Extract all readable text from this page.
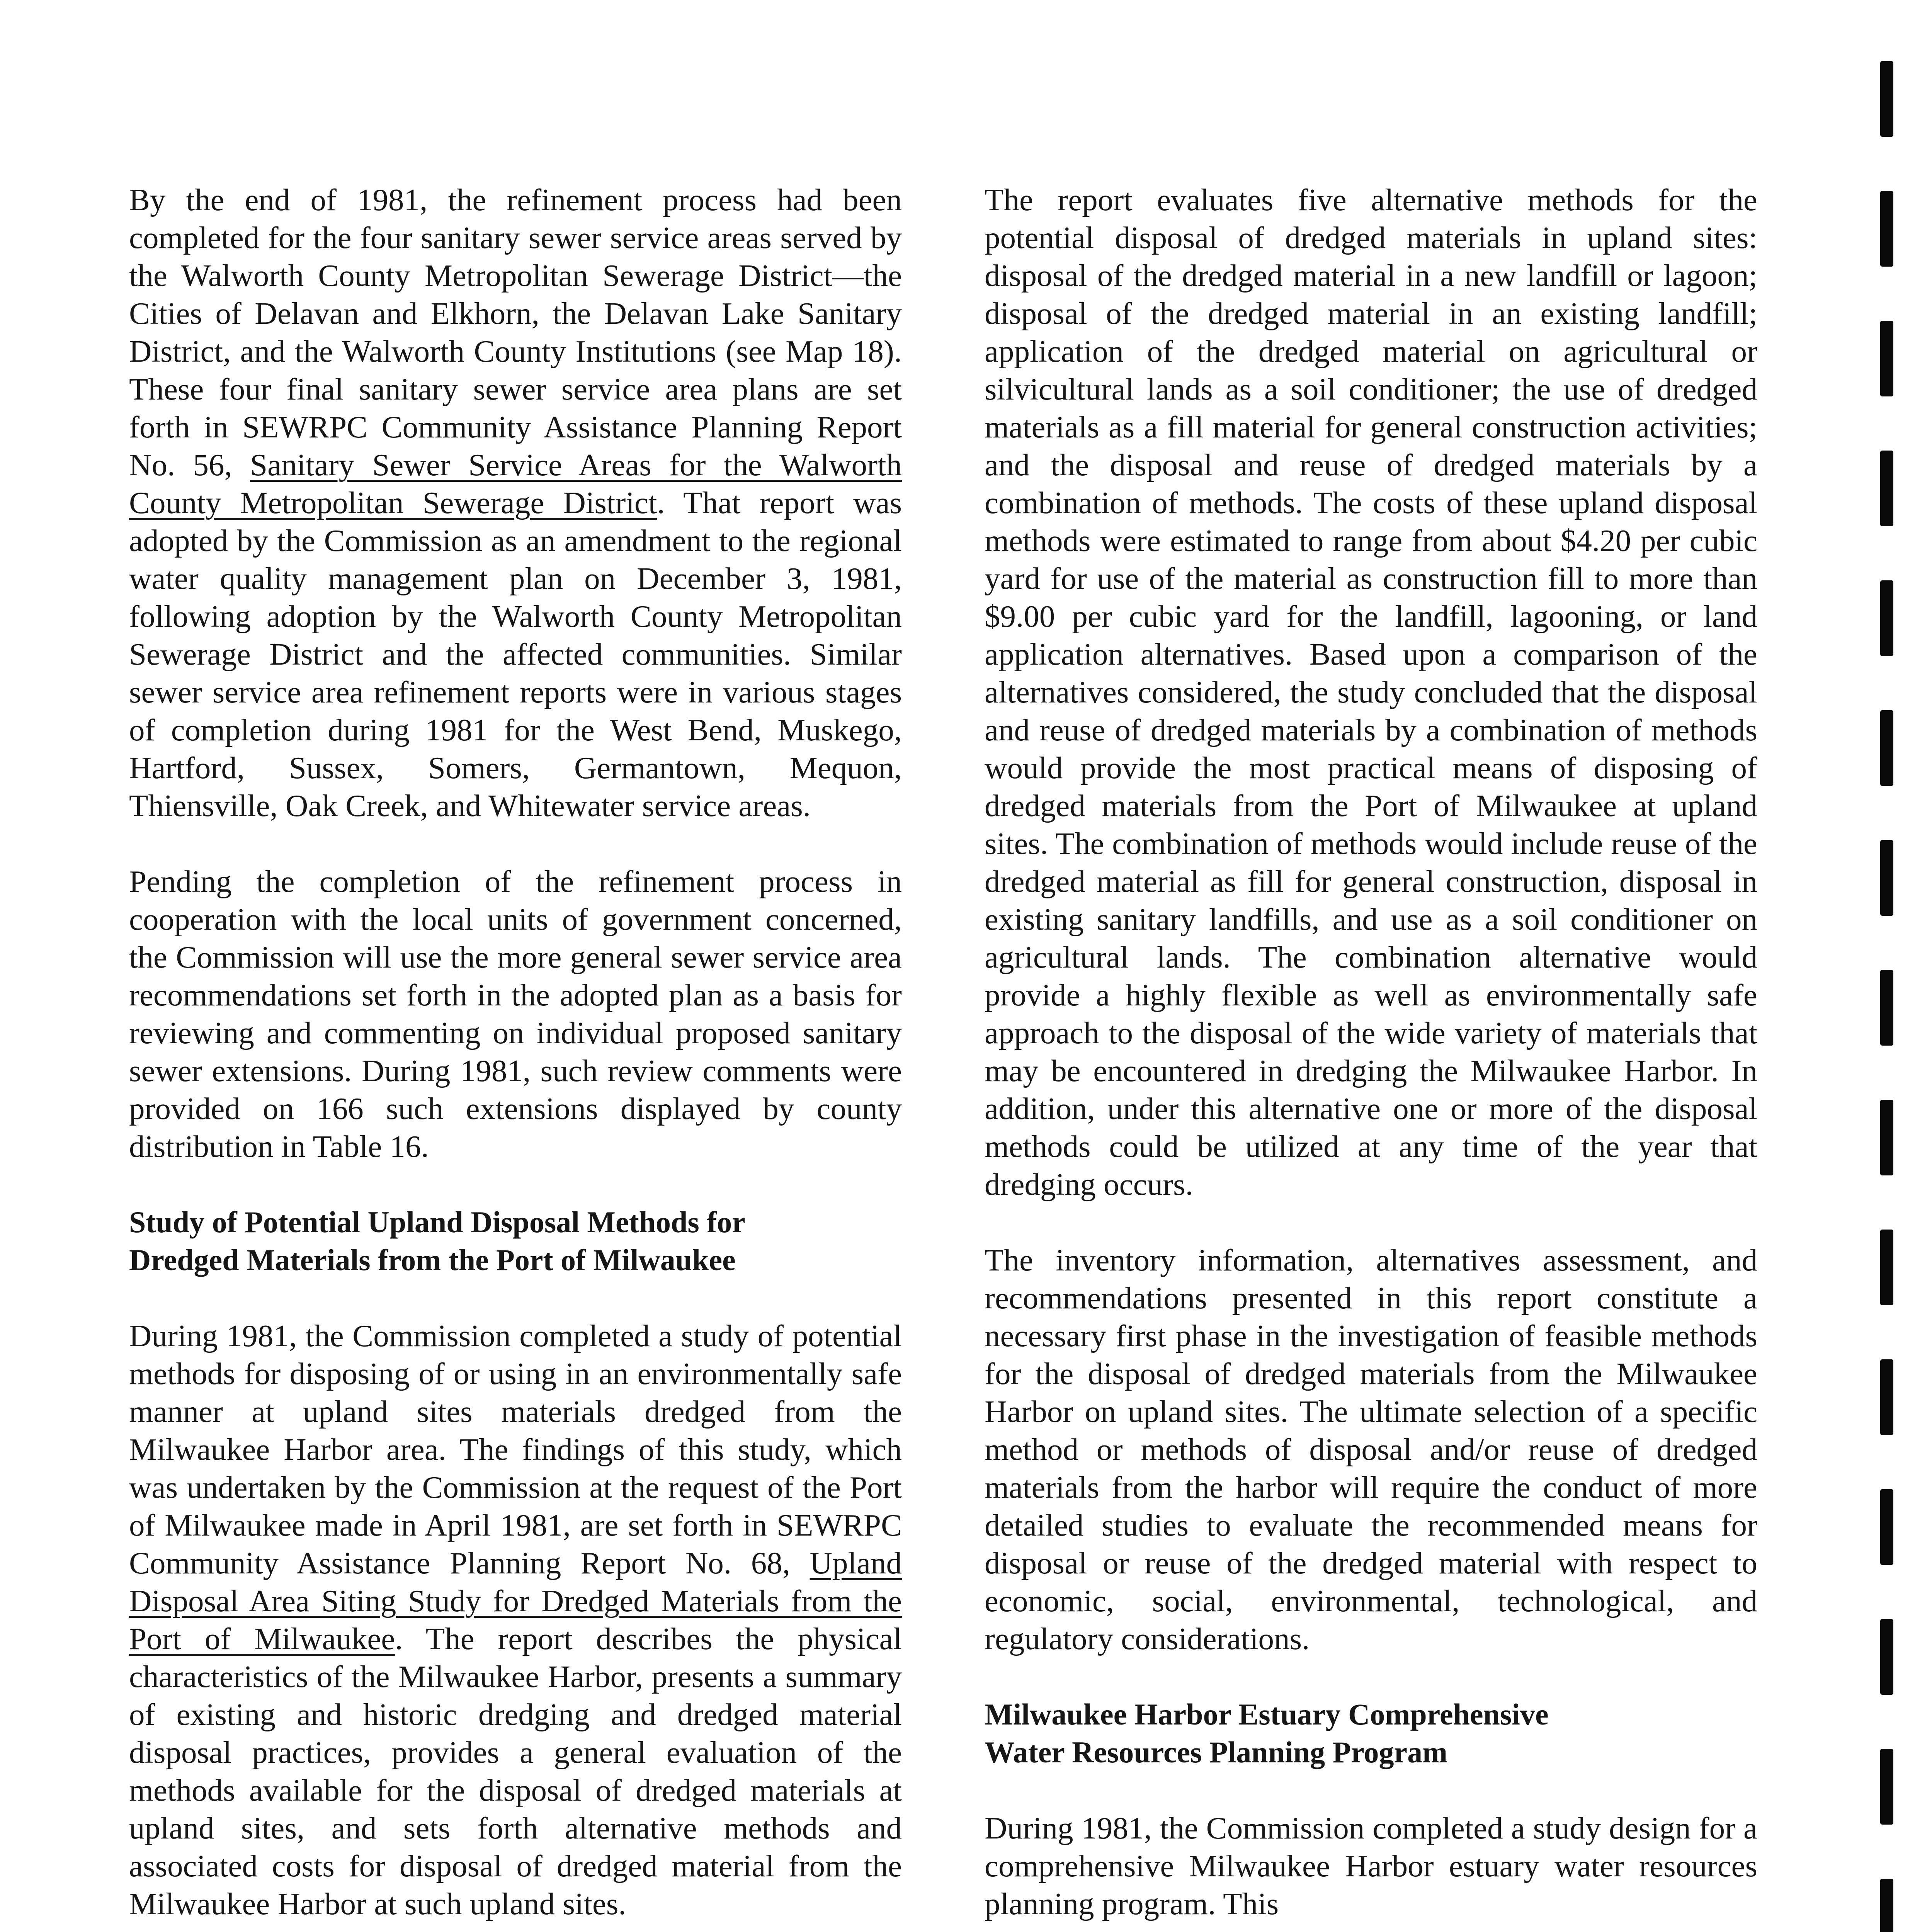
By the end of 1981, the refinement process had been completed for the four sanitary sewer service areas served by the Walworth County Metropolitan Sewerage District—the Cities of Delavan and Elkhorn, the Delavan Lake Sanitary District, and the Walworth County Institutions (see Map 18). These four final sanitary sewer service area plans are set forth in SEWRPC Community Assistance Planning Report No. 56, Sanitary Sewer Service Areas for the Walworth County Metropolitan Sewerage District. That report was adopted by the Commission as an amendment to the regional water quality management plan on December 3, 1981, following adoption by the Walworth County Metropolitan Sewerage District and the affected communities. Similar sewer service area refinement reports were in various stages of completion during 1981 for the West Bend, Muskego, Hartford, Sussex, Somers, Germantown, Mequon, Thiensville, Oak Creek, and Whitewater service areas.

Pending the completion of the refinement process in cooperation with the local units of government concerned, the Commission will use the more general sewer service area recommendations set forth in the adopted plan as a basis for reviewing and commenting on individual proposed sanitary sewer extensions. During 1981, such review comments were provided on 166 such extensions displayed by county distribution in Table 16.

Study of Potential Upland Disposal Methods for
Dredged Materials from the Port of Milwaukee

During 1981, the Commission completed a study of potential methods for disposing of or using in an environmentally safe manner at upland sites materials dredged from the Milwaukee Harbor area. The findings of this study, which was undertaken by the Commission at the request of the Port of Milwaukee made in April 1981, are set forth in SEWRPC Community Assistance Planning Report No. 68, Upland Disposal Area Siting Study for Dredged Materials from the Port of Milwaukee. The report describes the physical characteristics of the Milwaukee Harbor, presents a summary of existing and historic dredging and dredged material disposal practices, provides a general evaluation of the methods available for the disposal of dredged materials at upland sites, and sets forth alternative methods and associated costs for disposal of dredged material from the Milwaukee Harbor at such upland sites.

The report evaluates five alternative methods for the potential disposal of dredged materials in upland sites: disposal of the dredged material in a new landfill or lagoon; disposal of the dredged material in an existing landfill; application of the dredged material on agricultural or silvicultural lands as a soil conditioner; the use of dredged materials as a fill material for general construction activities; and the disposal and reuse of dredged materials by a combination of methods. The costs of these upland disposal methods were estimated to range from about $4.20 per cubic yard for use of the material as construction fill to more than $9.00 per cubic yard for the landfill, lagooning, or land application alternatives. Based upon a comparison of the alternatives considered, the study concluded that the disposal and reuse of dredged materials by a combination of methods would provide the most practical means of disposing of dredged materials from the Port of Milwaukee at upland sites. The combination of methods would include reuse of the dredged material as fill for general construction, disposal in existing sanitary landfills, and use as a soil conditioner on agricultural lands. The combination alternative would provide a highly flexible as well as environmentally safe approach to the disposal of the wide variety of materials that may be encountered in dredging the Milwaukee Harbor. In addition, under this alternative one or more of the disposal methods could be utilized at any time of the year that dredging occurs.

The inventory information, alternatives assessment, and recommendations presented in this report constitute a necessary first phase in the investigation of feasible methods for the disposal of dredged materials from the Milwaukee Harbor on upland sites. The ultimate selection of a specific method or methods of disposal and/or reuse of dredged materials from the harbor will require the conduct of more detailed studies to evaluate the recommended means for disposal or reuse of the dredged material with respect to economic, social, environmental, technological, and regulatory considerations.

Milwaukee Harbor Estuary Comprehensive
Water Resources Planning Program

During 1981, the Commission completed a study design for a comprehensive Milwaukee Harbor estuary water resources planning program. This
